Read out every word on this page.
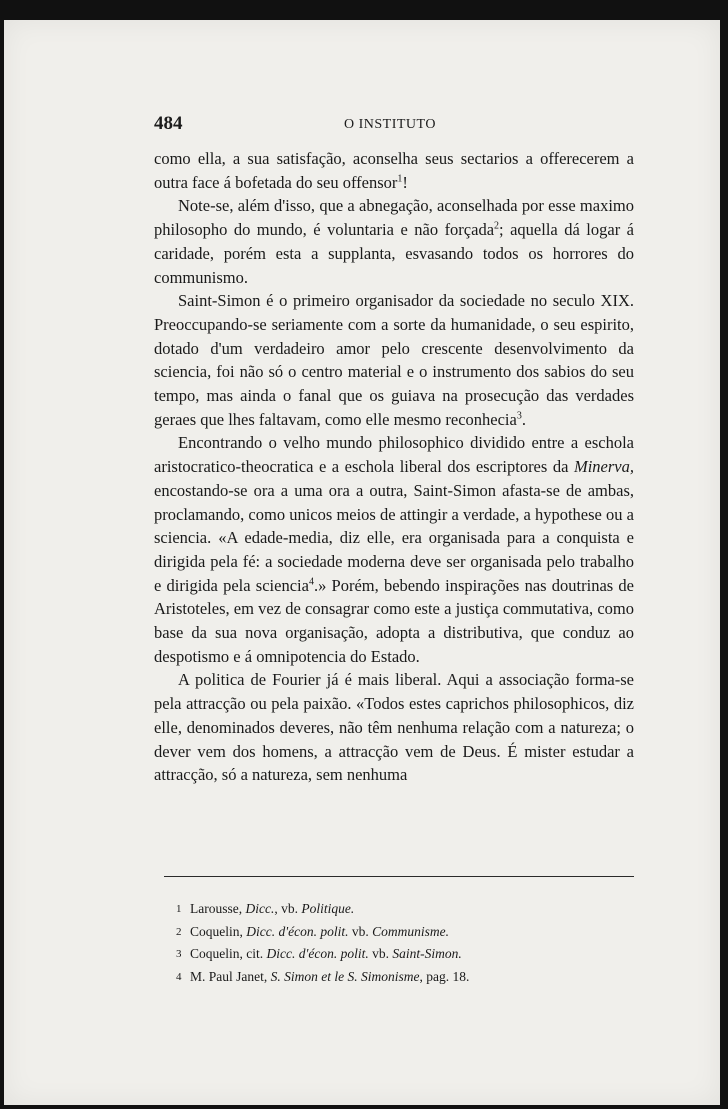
484	O INSTITUTO

como ella, a sua satisfação, aconselha seus sectarios a offerecerem a outra face á bofetada do seu offensor$^1$!

Note-se, além d'isso, que a abnegação, aconselhada por esse maximo philosopho do mundo, é voluntaria e não forçada$^2$; aquella dá logar á caridade, porém esta a supplanta, esvasando todos os horrores do communismo.

Saint-Simon é o primeiro organisador da sociedade no seculo XIX. Preoccupando-se seriamente com a sorte da humanidade, o seu espirito, dotado d'um verdadeiro amor pelo crescente desenvolvimento da sciencia, foi não só o centro material e o instrumento dos sabios do seu tempo, mas ainda o fanal que os guiava na prosecução das verdades geraes que lhes faltavam, como elle mesmo reconhecia$^3$.

Encontrando o velho mundo philosophico dividido entre a eschola aristocratico-theocratica e a eschola liberal dos escriptores da Minerva, encostando-se ora a uma ora a outra, Saint-Simon afasta-se de ambas, proclamando, como unicos meios de attingir a verdade, a hypothese ou a sciencia. «A edade-media, diz elle, era organisada para a conquista e dirigida pela fé: a sociedade moderna deve ser organisada pelo trabalho e dirigida pela sciencia$^4$.» Porém, bebendo inspirações nas doutrinas de Aristoteles, em vez de consagrar como este a justiça commutativa, como base da sua nova organisação, adopta a distributiva, que conduz ao despotismo e á omnipotencia do Estado.

A politica de Fourier já é mais liberal. Aqui a associação forma-se pela attracção ou pela paixão. «Todos estes caprichos philosophicos, diz elle, denominados deveres, não têm nenhuma relação com a natureza; o dever vem dos homens, a attracção vem de Deus. É mister estudar a attracção, só a natureza, sem nenhuma

1 Larousse, Dicc., vb. Politique.
2 Coquelin, Dicc. d'écon. polit. vb. Communisme.
3 Coquelin, cit. Dicc. d'écon. polit. vb. Saint-Simon.
4 M. Paul Janet, S. Simon et le S. Simonisme, pag. 18.
